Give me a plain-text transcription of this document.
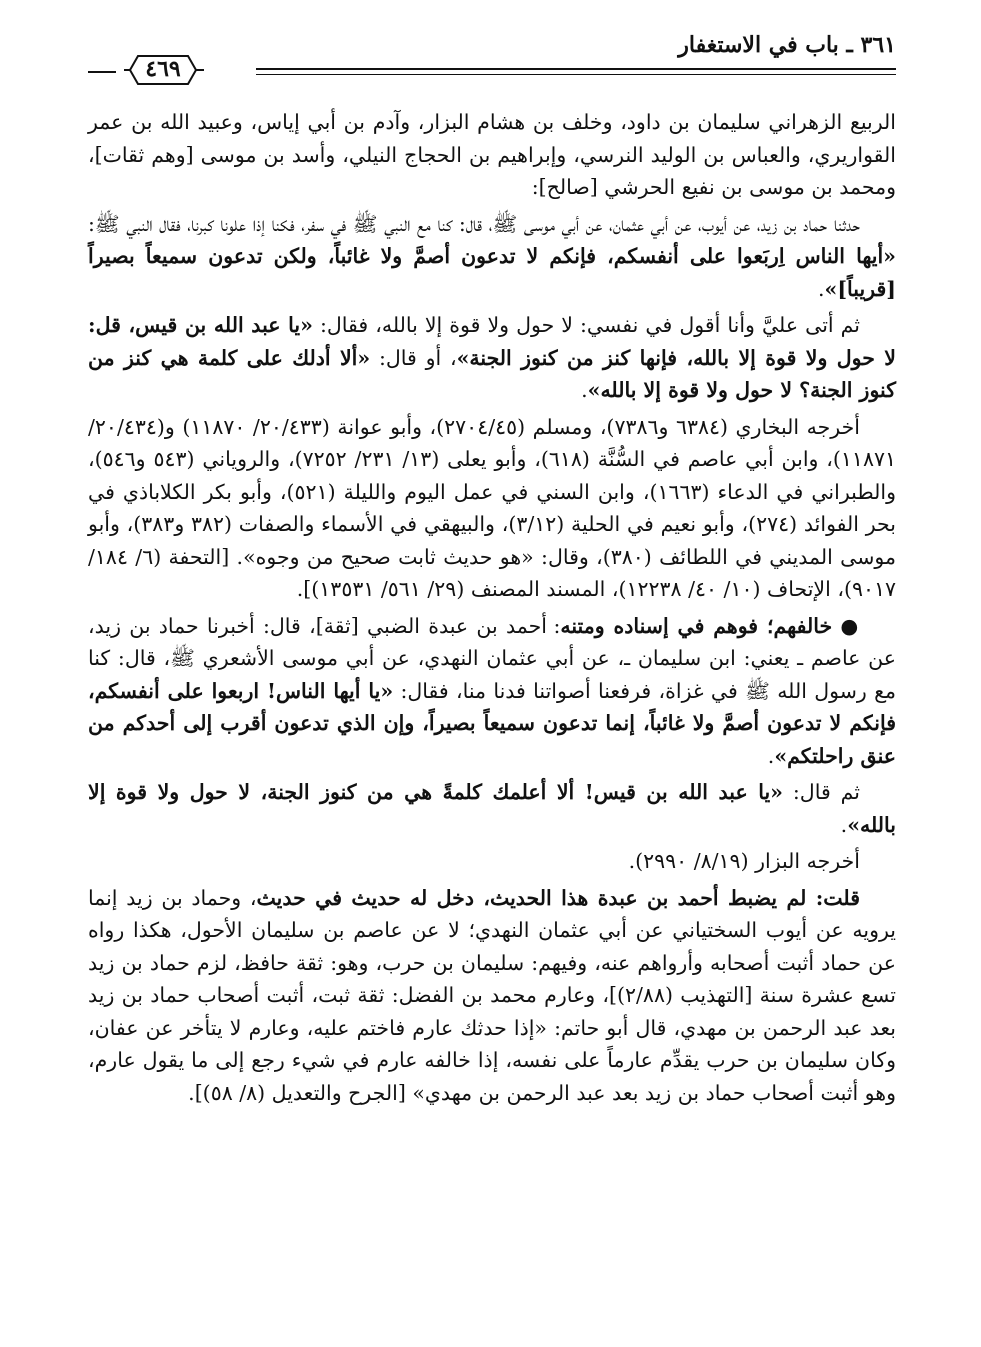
٣٦١ ـ باب في الاستغفار
٤٦٩

الربيع الزهراني سليمان بن داود، وخلف بن هشام البزار، وآدم بن أبي إياس، وعبيد الله بن عمر القواريري، والعباس بن الوليد النرسي، وإبراهيم بن الحجاج النيلي، وأسد بن موسى [وهم ثقات]، ومحمد بن موسى بن نفيع الحرشي [صالح]:

حدثنا حماد بن زيد، عن أيوب، عن أبي عثمان، عن أبي موسى ﷺ، قال: كنا مع النبي ﷺ في سفر، فكنا إذا علونا كبرنا، فقال النبي ﷺ: «أيها الناس اِربَعوا على أنفسكم، فإنكم لا تدعون أصمَّ ولا غائباً، ولكن تدعون سميعاً بصيراً [قريباً]».

ثم أتى عليَّ وأنا أقول في نفسي: لا حول ولا قوة إلا بالله، فقال: «يا عبد الله بن قيس، قل: لا حول ولا قوة إلا بالله، فإنها كنز من كنوز الجنة»، أو قال: «ألا أدلك على كلمة هي كنز من كنوز الجنة؟ لا حول ولا قوة إلا بالله».

أخرجه البخاري (٦٣٨٤ و٧٣٨٦)، ومسلم (٢٧٠٤/٤٥)، وأبو عوانة (٢٠/٤٣٣/ ١١٨٧٠) و(٢٠/٤٣٤/ ١١٨٧١)، وابن أبي عاصم في السُّنَّة (٦١٨)، وأبو يعلى (١٣/ ٢٣١/ ٧٢٥٢)، والروياني (٥٤٣ و٥٤٦)، والطبراني في الدعاء (١٦٦٣)، وابن السني في عمل اليوم والليلة (٥٢١)، وأبو بكر الكلاباذي في بحر الفوائد (٢٧٤)، وأبو نعيم في الحلية (٣/١٢)، والبيهقي في الأسماء والصفات (٣٨٢ و٣٨٣)، وأبو موسى المديني في اللطائف (٣٨٠)، وقال: «هو حديث ثابت صحيح من وجوه». [التحفة (٦/ ١٨٤/ ٩٠١٧)، الإتحاف (١٠/ ٤٠/ ١٢٢٣٨)، المسند المصنف (٢٩/ ٥٦١/ ١٣٥٣١)].

● خالفهم؛ فوهم في إسناده ومتنه: أحمد بن عبدة الضبي [ثقة]، قال: أخبرنا حماد بن زيد، عن عاصم ـ يعني: ابن سليمان ـ، عن أبي عثمان النهدي، عن أبي موسى الأشعري ﷺ، قال: كنا مع رسول الله ﷺ في غزاة، فرفعنا أصواتنا فدنا منا، فقال: «يا أيها الناس! اربعوا على أنفسكم، فإنكم لا تدعون أصمَّ ولا غائباً، إنما تدعون سميعاً بصيراً، وإن الذي تدعون أقرب إلى أحدكم من عنق راحلتكم».

ثم قال: «يا عبد الله بن قيس! ألا أعلمك كلمةً هي من كنوز الجنة، لا حول ولا قوة إلا بالله».

أخرجه البزار (٨/١٩/ ٢٩٩٠).

قلت: لم يضبط أحمد بن عبدة هذا الحديث، دخل له حديث في حديث، وحماد بن زيد إنما يرويه عن أيوب السختياني عن أبي عثمان النهدي؛ لا عن عاصم بن سليمان الأحول، هكذا رواه عن حماد أثبت أصحابه وأرواهم عنه، وفيهم: سليمان بن حرب، وهو: ثقة حافظ، لزم حماد بن زيد تسع عشرة سنة [التهذيب (٢/٨٨)]، وعارم محمد بن الفضل: ثقة ثبت، أثبت أصحاب حماد بن زيد بعد عبد الرحمن بن مهدي، قال أبو حاتم: «إذا حدثك عارم فاختم عليه، وعارم لا يتأخر عن عفان، وكان سليمان بن حرب يقدِّم عارماً على نفسه، إذا خالفه عارم في شيء رجع إلى ما يقول عارم، وهو أثبت أصحاب حماد بن زيد بعد عبد الرحمن بن مهدي» [الجرح والتعديل (٨/ ٥٨)].
